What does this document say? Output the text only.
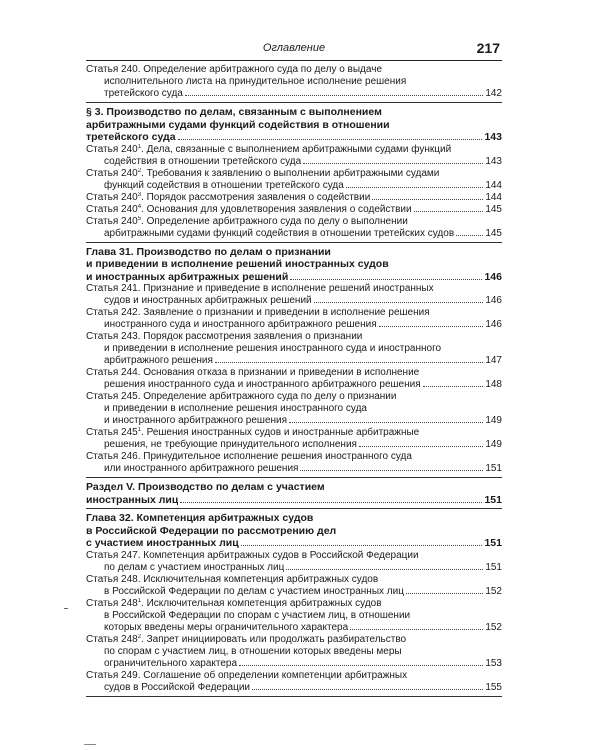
Оглавление	217
Статья 240. Определение арбитражного суда по делу о выдаче
исполнительного листа на принудительное исполнение решения
третейского суда	142
§ 3. Производство по делам, связанным с выполнением
арбитражными судами функций содействия в отношении
третейского суда	143
Статья $240^1$. Дела, связанные с выполнением арбитражными судами функций
содействия в отношении третейского суда	143
Статья $240^2$. Требования к заявлению о выполнении арбитражными судами
функций содействия в отношении третейского суда	144
Статья $240^3$. Порядок рассмотрения заявления о содействии	144
Статья $240^4$. Основания для удовлетворения заявления о содействии	145
Статья $240^5$. Определение арбитражного суда по делу о выполнении
арбитражными судами функций содействия в отношении третейских судов	145
Глава 31. Производство по делам о признании
и приведении в исполнение решений иностранных судов
и иностранных арбитражных решений	146
Статья 241. Признание и приведение в исполнение решений иностранных
судов и иностранных арбитражных решений	146
Статья 242. Заявление о признании и приведении в исполнение решения
иностранного суда и иностранного арбитражного решения	146
Статья 243. Порядок рассмотрения заявления о признании
и приведении в исполнение решения иностранного суда и иностранного
арбитражного решения	147
Статья 244. Основания отказа в признании и приведении в исполнение
решения иностранного суда и иностранного арбитражного решения	148
Статья 245. Определение арбитражного суда по делу о признании
и приведении в исполнение решения иностранного суда
и иностранного арбитражного решения	149
Статья $245^1$. Решения иностранных судов и иностранные арбитражные
решения, не требующие принудительного исполнения	149
Статья 246. Принудительное исполнение решения иностранного суда
или иностранного арбитражного решения	151
Раздел V. Производство по делам с участием
иностранных лиц	151
Глава 32. Компетенция арбитражных судов
в Российской Федерации по рассмотрению дел
с участием иностранных лиц	151
Статья 247. Компетенция арбитражных судов в Российской Федерации
по делам с участием иностранных лиц	151
Статья 248. Исключительная компетенция арбитражных судов
в Российской Федерации по делам с участием иностранных лиц	152
Статья $248^1$. Исключительная компетенция арбитражных судов
в Российской Федерации по спорам с участием лиц, в отношении
которых введены меры ограничительного характера	152
Статья $248^2$. Запрет инициировать или продолжать разбирательство
по спорам с участием лиц, в отношении которых введены меры
ограничительного характера	153
Статья 249. Соглашение об определении компетенции арбитражных
судов в Российской Федерации	155
